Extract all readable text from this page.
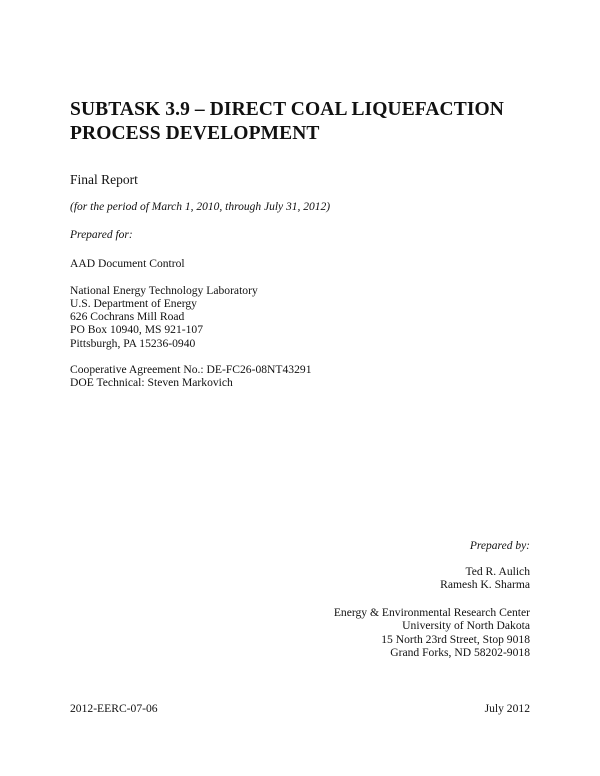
SUBTASK 3.9 – DIRECT COAL LIQUEFACTION
PROCESS DEVELOPMENT
Final Report
(for the period of March 1, 2010, through July 31, 2012)
Prepared for:
AAD Document Control
National Energy Technology Laboratory
U.S. Department of Energy
626 Cochrans Mill Road
PO Box 10940, MS 921-107
Pittsburgh, PA 15236-0940
Cooperative Agreement No.: DE-FC26-08NT43291
DOE Technical: Steven Markovich
Prepared by:
Ted R. Aulich
Ramesh K. Sharma
Energy & Environmental Research Center
University of North Dakota
15 North 23rd Street, Stop 9018
Grand Forks, ND 58202-9018
2012-EERC-07-06	July 2012
